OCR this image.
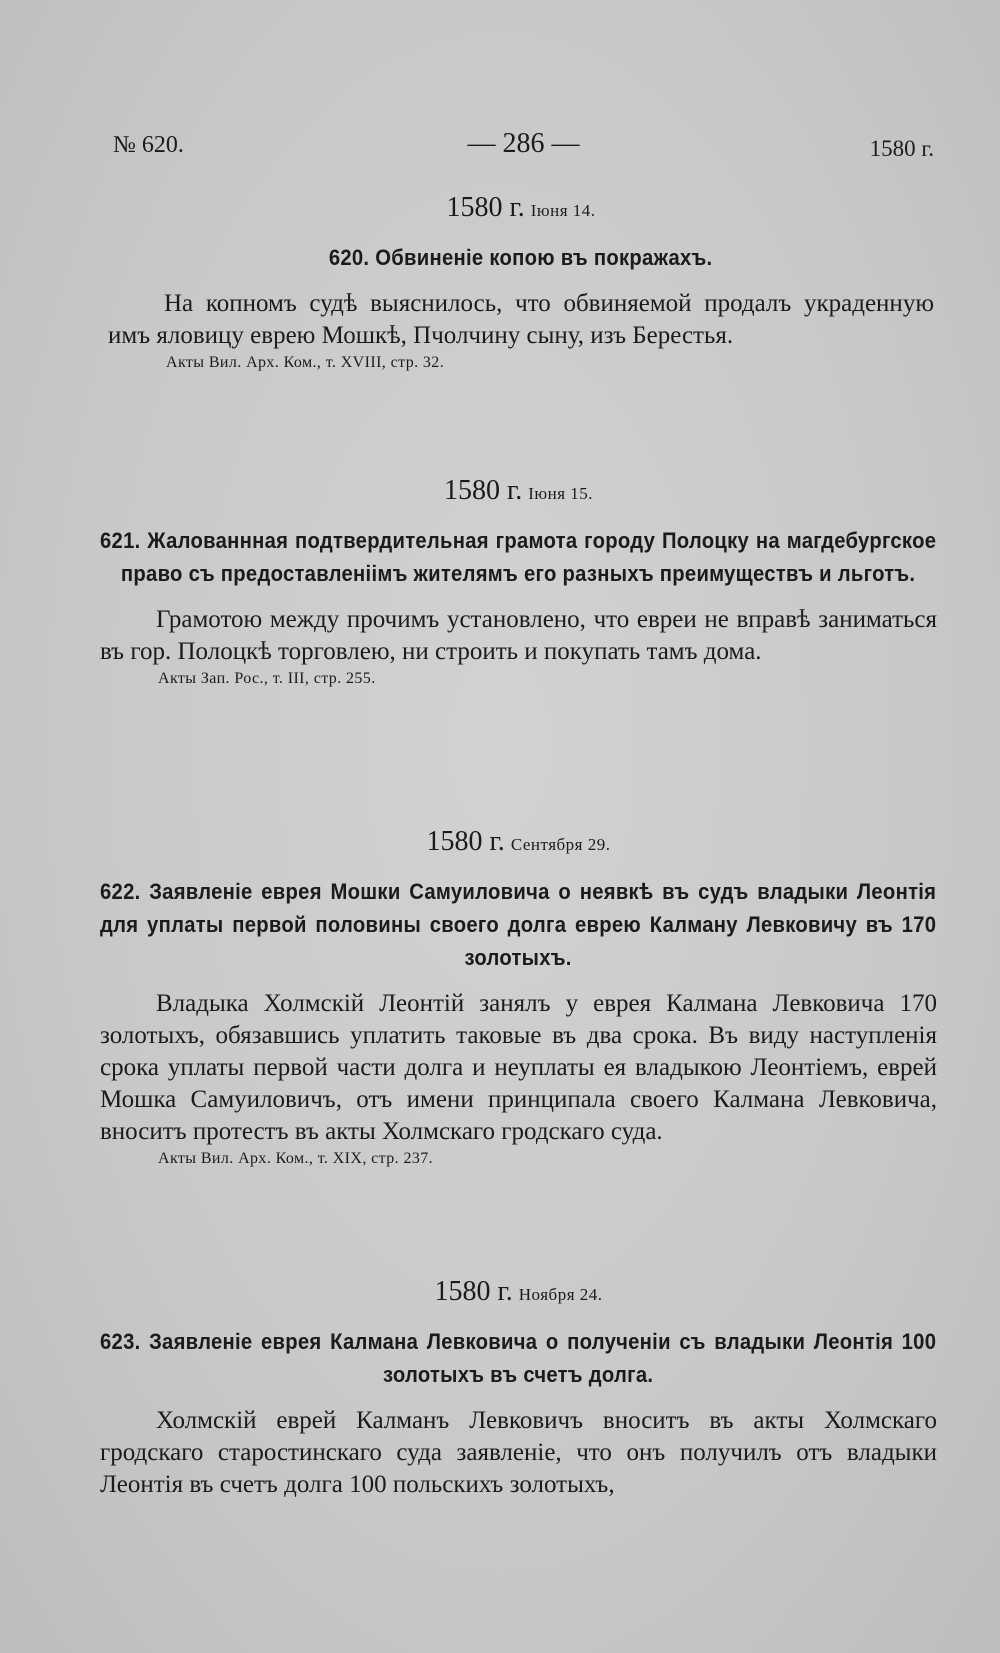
№ 620.	— 286 —	1580 г.
1580 г. Іюня 14.
620. Обвиненіе копою въ покражахъ.
На копномъ судѣ выяснилось, что обвиняемой продалъ украденную имъ яловицу еврею Мошкѣ, Пчолчину сыну, изъ Берестья.
Акты Вил. Арх. Ком., т. XVIII, стр. 32.
1580 г. Іюня 15.
621. Жалованнная подтвердительная грамота городу Полоцку на магдебургское право съ предоставленіімъ жителямъ его разныхъ преимуществъ и льготъ.
Грамотою между прочимъ установлено, что евреи не вправѣ заниматься въ гор. Полоцкѣ торговлею, ни строить и покупать тамъ дома.
Акты Зап. Рос., т. III, стр. 255.
1580 г. Сентября 29.
622. Заявленіе еврея Мошки Самуиловича о неявкѣ въ судъ владыки Леонтія для уплаты первой половины своего долга еврею Калману Левковичу въ 170 золотыхъ.
Владыка Холмскій Леонтій занялъ у еврея Калмана Левковича 170 золотыхъ, обязавшись уплатить таковые въ два срока. Въ виду наступленія срока уплаты первой части долга и неуплаты ея владыкою Леонтіемъ, еврей Мошка Самуиловичъ, отъ имени принципала своего Калмана Левковича, вноситъ протестъ въ акты Холмскаго гродскаго суда.
Акты Вил. Арх. Ком., т. XIX, стр. 237.
1580 г. Ноября 24.
623. Заявленіе еврея Калмана Левковича о полученіи съ владыки Леонтія 100 золотыхъ въ счетъ долга.
Холмскій еврей Калманъ Левковичъ вноситъ въ акты Холмскаго гродскаго старостинскаго суда заявленіе, что онъ получилъ отъ владыки Леонтія въ счетъ долга 100 польскихъ золотыхъ,
